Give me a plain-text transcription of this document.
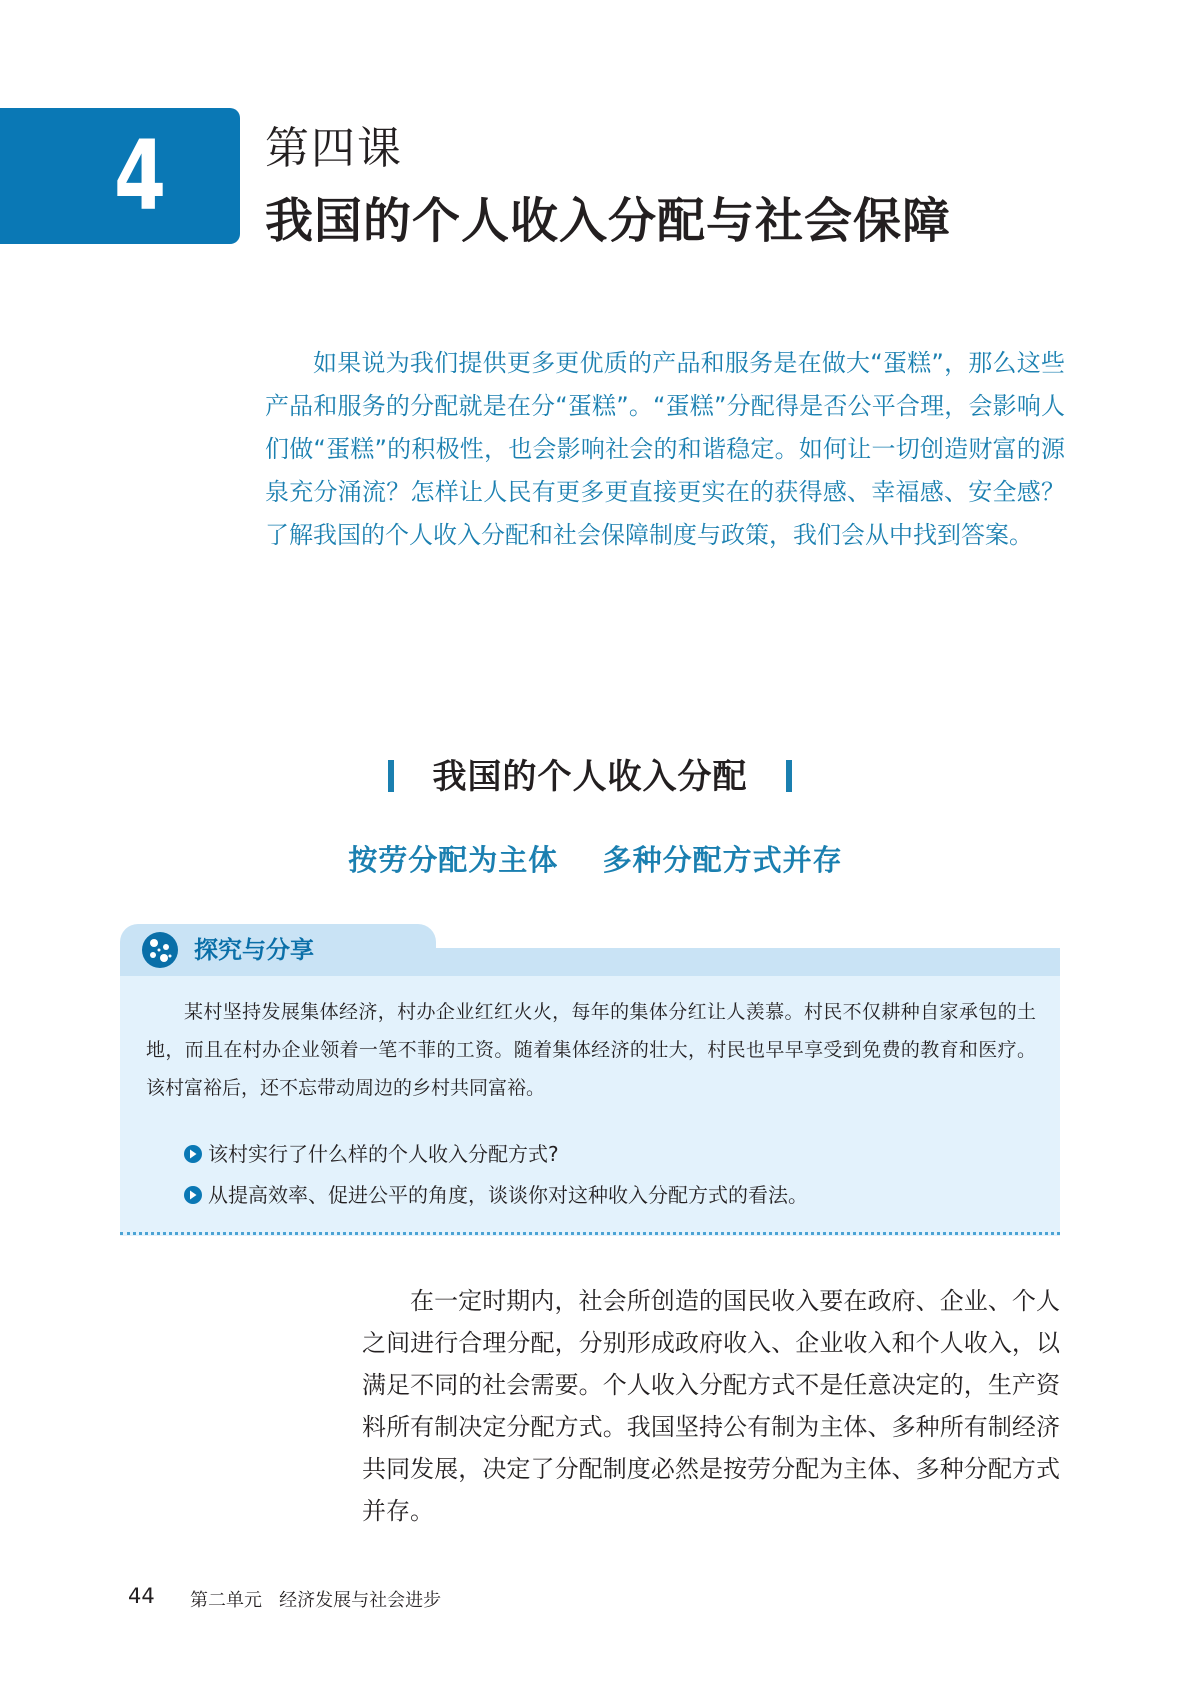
4	第四课
我国的个人收入分配与社会保障

如果说为我们提供更多更优质的产品和服务是在做大“蛋糕”，那么这些产品和服务的分配就是在分“蛋糕”。“蛋糕”分配得是否公平合理，会影响人们做“蛋糕”的积极性，也会影响社会的和谐稳定。如何让一切创造财富的源泉充分涌流？怎样让人民有更多更直接更实在的获得感、幸福感、安全感？了解我国的个人收入分配和社会保障制度与政策，我们会从中找到答案。

我国的个人收入分配
按劳分配为主体    多种分配方式并存
探究与分享

某村坚持发展集体经济，村办企业红红火火，每年的集体分红让人羡慕。村民不仅耕种自家承包的土地，而且在村办企业领着一笔不菲的工资。随着集体经济的壮大，村民也早早享受到免费的教育和医疗。该村富裕后，还不忘带动周边的乡村共同富裕。

该村实行了什么样的个人收入分配方式?
从提高效率、促进公平的角度，谈谈你对这种收入分配方式的看法。

在一定时期内，社会所创造的国民收入要在政府、企业、个人之间进行合理分配，分别形成政府收入、企业收入和个人收入，以满足不同的社会需要。个人收入分配方式不是任意决定的，生产资料所有制决定分配方式。我国坚持公有制为主体、多种所有制经济共同发展，决定了分配制度必然是按劳分配为主体、多种分配方式并存。

44 第二单元   经济发展与社会进步
